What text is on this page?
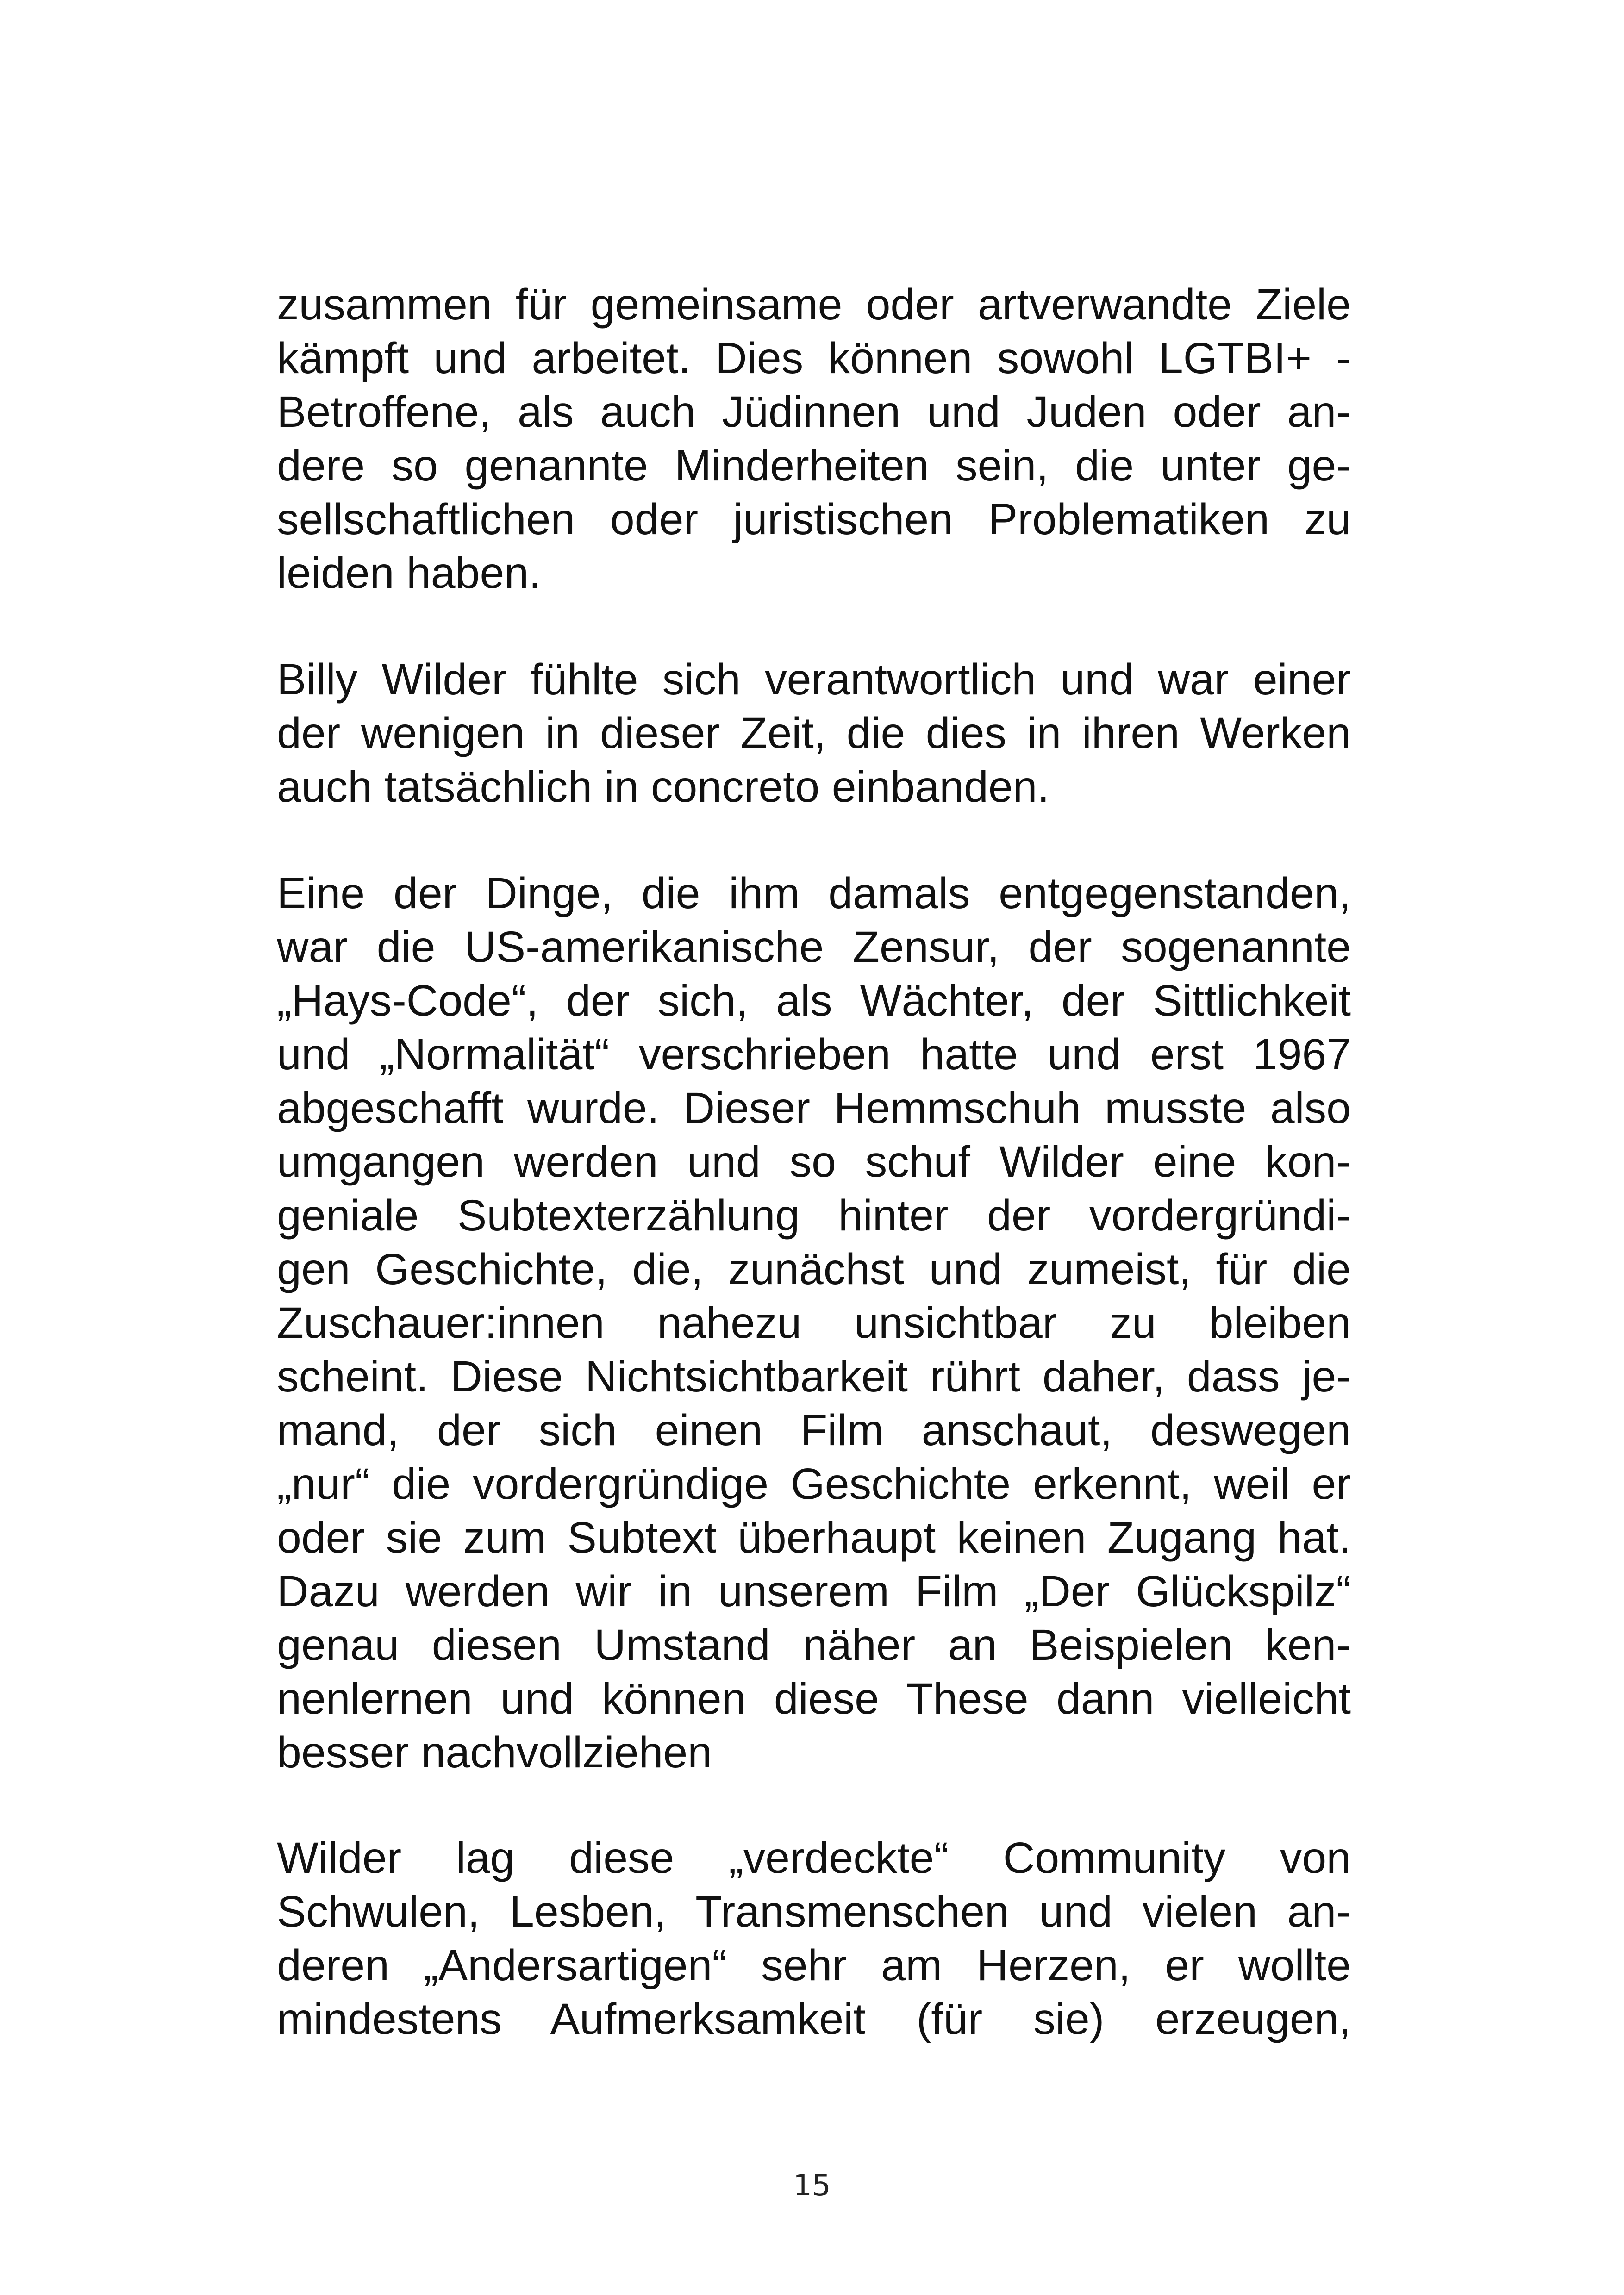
zusammen für gemeinsame oder artverwandte Ziele
kämpft und arbeitet. Dies können sowohl LGTBI+ -
Betroffene, als auch Jüdinnen und Juden oder an-
dere so genannte Minderheiten sein, die unter ge-
sellschaftlichen oder juristischen Problematiken zu
leiden haben.
Billy Wilder fühlte sich verantwortlich und war einer
der wenigen in dieser Zeit, die dies in ihren Werken
auch tatsächlich in concreto einbanden.
Eine der Dinge, die ihm damals entgegenstanden,
war die US-amerikanische Zensur, der sogenannte
„Hays-Code“, der sich, als Wächter, der Sittlichkeit
und „Normalität“ verschrieben hatte und erst 1967
abgeschafft wurde. Dieser Hemmschuh musste also
umgangen werden und so schuf Wilder eine kon-
geniale Subtexterzählung hinter der vordergründi-
gen Geschichte, die, zunächst und zumeist, für die
Zuschauer:innen nahezu unsichtbar zu bleiben
scheint. Diese Nichtsichtbarkeit rührt daher, dass je-
mand, der sich einen Film anschaut, deswegen
„nur“ die vordergründige Geschichte erkennt, weil er
oder sie zum Subtext überhaupt keinen Zugang hat.
Dazu werden wir in unserem Film „Der Glückspilz“
genau diesen Umstand näher an Beispielen ken-
nenlernen und können diese These dann vielleicht
besser nachvollziehen
Wilder lag diese „verdeckte“ Community von
Schwulen, Lesben, Transmenschen und vielen an-
deren „Andersartigen“ sehr am Herzen, er wollte
mindestens Aufmerksamkeit (für sie) erzeugen,
15
